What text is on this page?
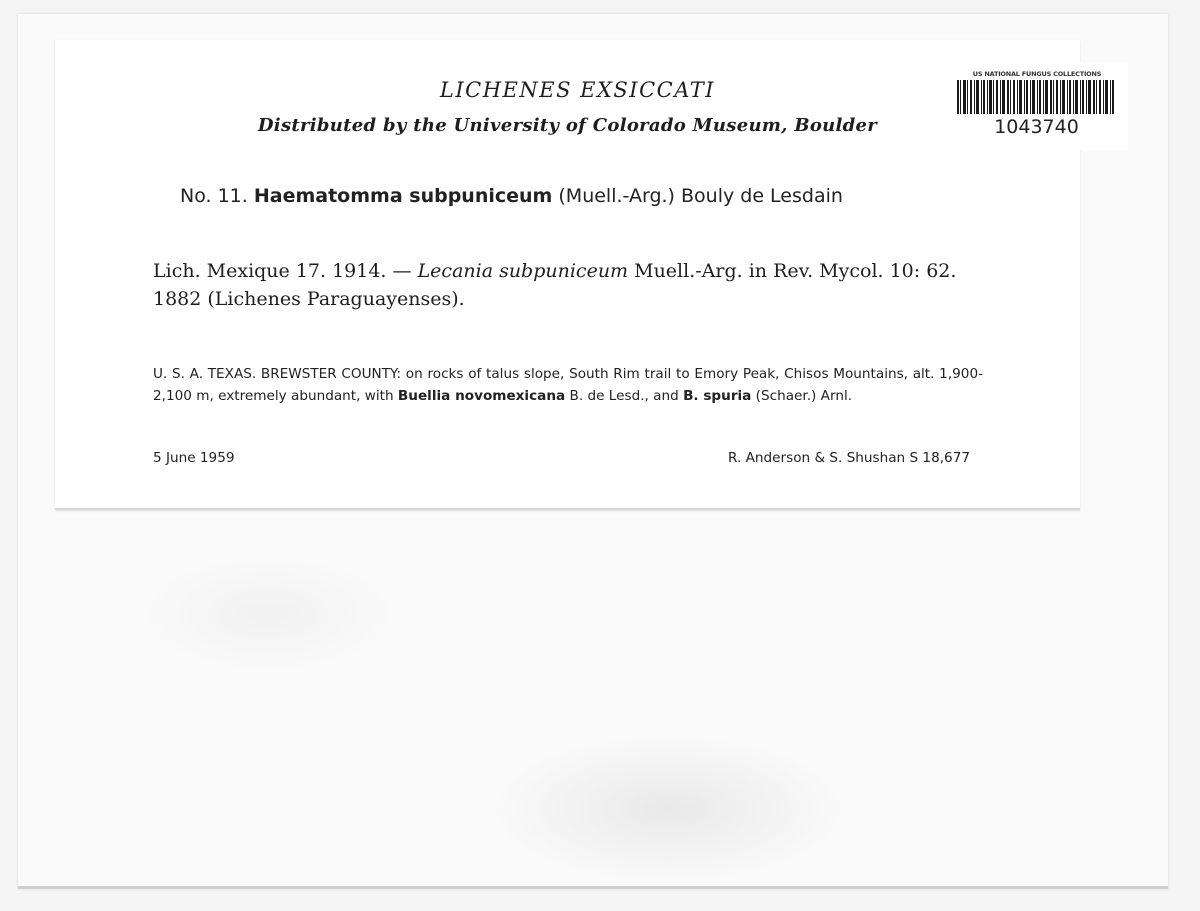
LICHENES EXSICCATI
Distributed by the University of Colorado Museum, Boulder
No. 11. Haematomma subpuniceum (Muell.-Arg.) Bouly de Lesdain
Lich. Mexique 17. 1914. — Lecania subpuniceum Muell.-Arg. in Rev. Mycol. 10: 62. 1882 (Lichenes Paraguayenses).
U. S. A. TEXAS. BREWSTER COUNTY: on rocks of talus slope, South Rim trail to Emory Peak, Chisos Mountains, alt. 1,900-2,100 m, extremely abundant, with Buellia novomexicana B. de Lesd., and B. spuria (Schaer.) Arnl.
5 June 1959	R. Anderson & S. Shushan S 18,677
US NATIONAL FUNGUS COLLECTIONS
1043740
